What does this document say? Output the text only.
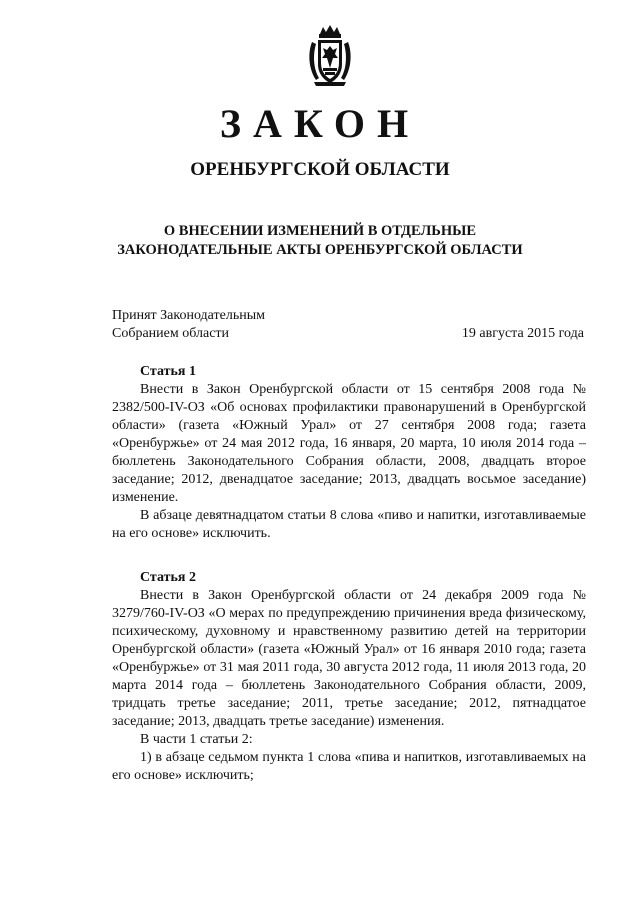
ЗАКОН
ОРЕНБУРГСКОЙ ОБЛАСТИ
О ВНЕСЕНИИ ИЗМЕНЕНИЙ В ОТДЕЛЬНЫЕ
ЗАКОНОДАТЕЛЬНЫЕ АКТЫ ОРЕНБУРГСКОЙ ОБЛАСТИ
Принят Законодательным
Собранием области	19 августа 2015 года
Статья 1

Внести в Закон Оренбургской области от 15 сентября 2008 года № 2382/500-IV-ОЗ «Об основах профилактики правонарушений в Оренбургской области» (газета «Южный Урал» от 27 сентября 2008 года; газета «Оренбуржье» от 24 мая 2012 года, 16 января, 20 марта, 10 июля 2014 года – бюллетень Законодательного Собрания области, 2008, двадцать второе заседание; 2012, двенадцатое заседание; 2013, двадцать восьмое заседание) изменение.

В абзаце девятнадцатом статьи 8 слова «пиво и напитки, изготавливаемые на его основе» исключить.

Статья 2

Внести в Закон Оренбургской области от 24 декабря 2009 года № 3279/760-IV-ОЗ «О мерах по предупреждению причинения вреда физическому, психическому, духовному и нравственному развитию детей на территории Оренбургской области» (газета «Южный Урал» от 16 января 2010 года; газета «Оренбуржье» от 31 мая 2011 года, 30 августа 2012 года, 11 июля 2013 года, 20 марта 2014 года – бюллетень Законодательного Собрания области, 2009, тридцать третье заседание; 2011, третье заседание; 2012, пятнадцатое заседание; 2013, двадцать третье заседание) изменения.

В части 1 статьи 2:

1) в абзаце седьмом пункта 1 слова «пива и напитков, изготавливаемых на его основе» исключить;
